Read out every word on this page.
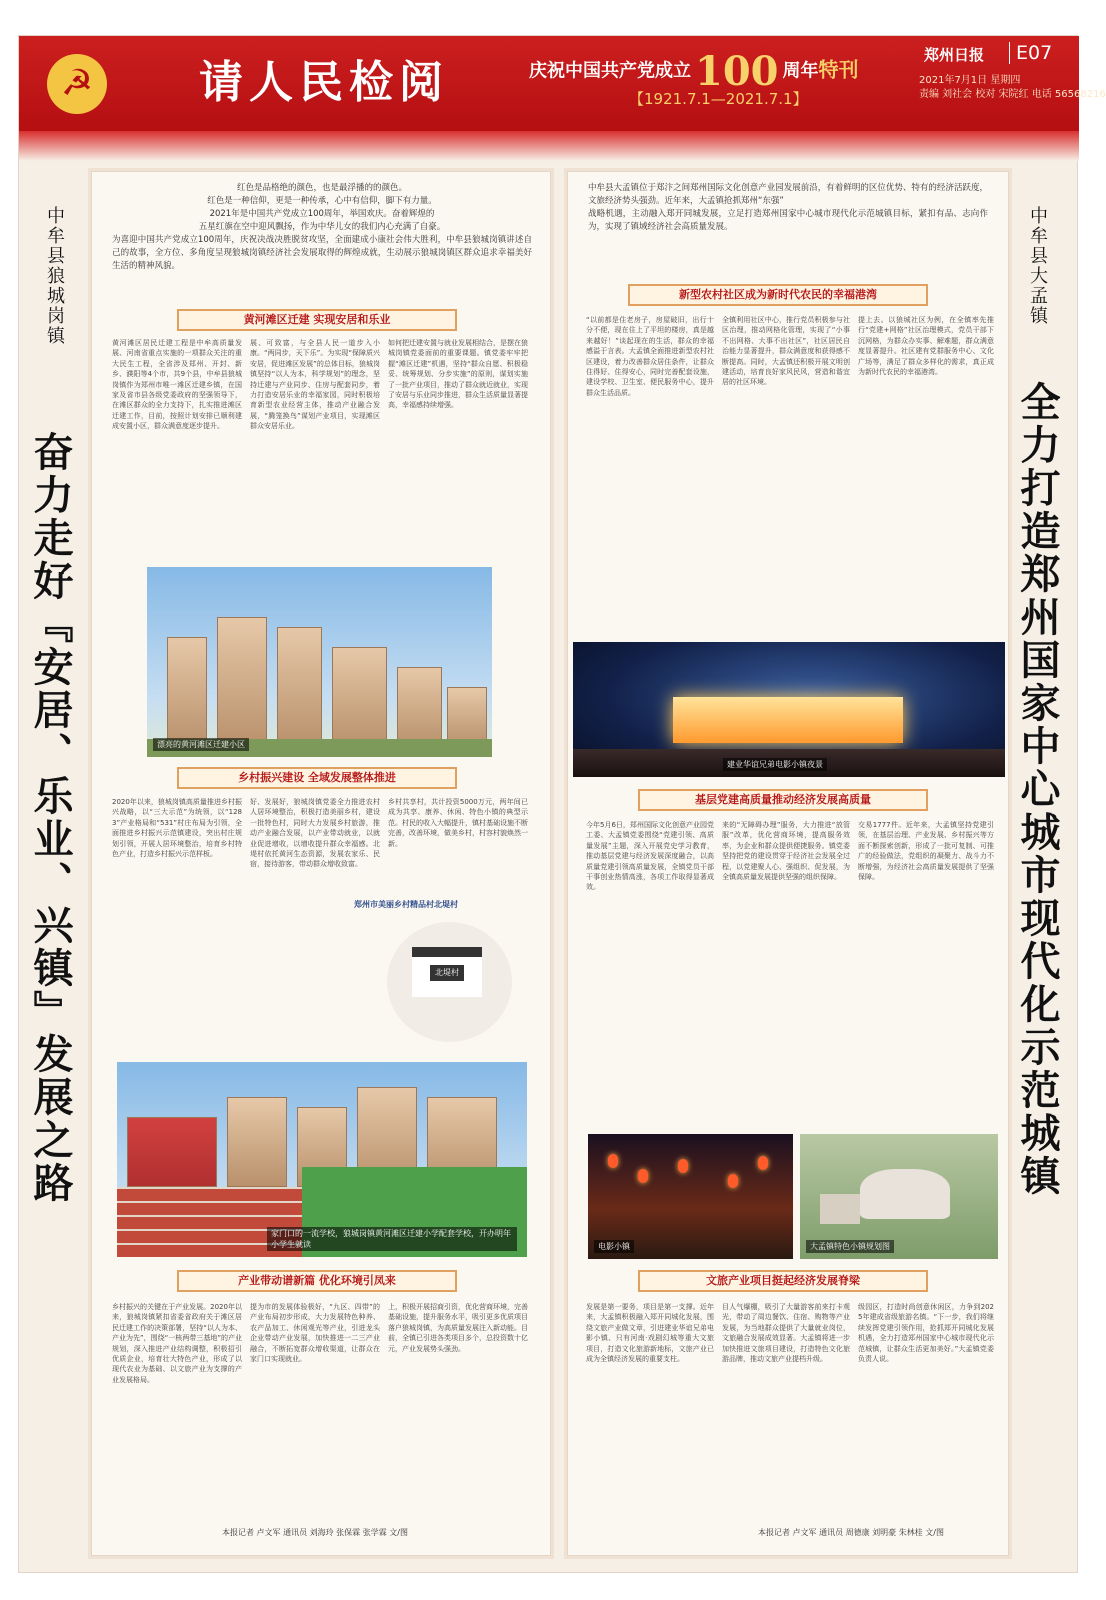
☭	请人民检阅	庆祝中国共产党成立 100 周年特刊
【1921.7.1—2021.7.1】
郑州日报	E07
2021年7月1日 星期四
责编 刘社会 校对 宋院红 电话 56568216
中牟县狼城岗镇
奋力走好『安居、乐业、兴镇』发展之路
中牟县大孟镇
全力打造郑州国家中心城市现代化示范城镇
红色是品格绝的颜色，也是最浮播的的颜色。
红色是一种信仰，更是一种传承，心中有信仰，脚下有力量。
2021年是中国共产党成立100周年，举国欢庆。奋着辉煌的
五星红旗在空中迎风飘扬，作为中华儿女的我们内心充满了自豪。
为喜迎中国共产党成立100周年，庆祝决战决胜脱贫攻坚，全面建成小康社会伟大胜利，中牟县狼城岗镇讲述自己的故事，全方位、多角度呈现狼城岗镇经济社会发展取得的辉煌成就，生动展示狼城岗镇区群众追求幸福美好生活的精神风貌。
黄河滩区迁建 实现安居和乐业
黄河滩区居民迁建工程是中牟高质量发展、河南省重点实施的一项群众关注的重大民生工程，全省涉及郑州、开封、新乡、濮阳等4个市，共9个县，中牟县狼城岗镇作为郑州市唯一滩区迁建乡镇，在国家及省市县各级党委政府的坚强领导下，在滩区群众的全力支持下，扎实推进滩区迁建工作，目前，按照计划安排已顺利建成安置小区，群众满意度逐步提升。
展、可致富，与全县人民一道步入小康。“两同步，天下乐”。为实现“保障质兴安居，促进滩区发展”的总体目标，狼城岗镇坚持“以人为本，科学规划”的理念，坚持迁建与产业同步、住房与配套同步，着力打造安居乐业的幸福家园，同时积极培育新型农业经营主体，推动产业融合发展，“腾笼换鸟”谋划产业项目，实现滩区群众安居乐业。
如何把迁建安置与就业发展相结合，是摆在狼城岗镇党委面前的重要课题。镇党委牢牢把握“滩区迁建”机遇，坚持“群众自愿、积极稳妥、统筹规划、分步实施”的原则，谋划实施了一批产业项目，推动了群众就近就业，实现了安居与乐业同步推进，群众生活质量显著提高，幸福感持续增强。
漂亮的黄河滩区迁建小区
乡村振兴建设 全域发展整体推进
2020年以来，狼城岗镇高质量推进乡村振兴战略，以“三大示范”为统领，以“1283”产业格局和“531”村庄布局为引领，全面推进乡村振兴示范镇建设，突出村庄规划引领，开展人居环境整治，培育乡村特色产业，打造乡村振兴示范样板。
好、发展好，狼城岗镇党委全力推进农村人居环境整治，积极打造美丽乡村，建设一批特色村，同时大力发展乡村旅游，推动产业融合发展，以产业带动就业，以就业促进增收，以增收提升群众幸福感。北堤村依托黄河生态资源，发展农家乐、民宿，接待游客，带动群众增收致富。
乡村共享村，共计投资5000万元，两年间已成为共享、康养、休闲、特色小镇的典型示范。村民的收入大幅提升，镇村基础设施不断完善，改善环境，做美乡村，村容村貌焕然一新。
郑州市美丽乡村精品村北堤村
北堤村
家门口的一流学校，狼城岗镇黄河滩区迁建小学配套学校，开办明年小学生就读
产业带动谱新篇 优化环境引凤来
乡村振兴的关键在于产业发展。2020年以来，狼城岗镇紧扣省委省政府关于滩区居民迁建工作的决策部署，坚持“以人为本、产业为先”，围绕“一核两带三基地”的产业规划，深入推进产业结构调整，积极招引优质企业，培育壮大特色产业，形成了以现代农业为基础、以文旅产业为支撑的产业发展格局。
提为市的发展体验极好，“九区、四带”的产业布局初步形成，大力发展特色种养、农产品加工、休闲观光等产业，引进龙头企业带动产业发展，加快推进一二三产业融合，不断拓宽群众增收渠道，让群众在家门口实现就业。
上，积极开展招商引资，优化营商环境，完善基础设施，提升服务水平，吸引更多优质项目落户狼城岗镇，为高质量发展注入新动能。目前，全镇已引进各类项目多个，总投资数十亿元，产业发展势头强劲。
本报记者 卢文军 通讯员 刘海玲 张保霖 张学霖 文/图
中牟县大孟镇位于郑汴之间郑州国际文化创意产业园发展前沿，有着鲜明的区位优势、特有的经济活跃度，文旅经济势头强劲。近年来，大孟镇抢抓郑州“东强”
战略机遇，主动融入郑开同城发展，立足打造郑州国家中心城市现代化示范城镇目标，紧扣有品、志向作为，实现了镇域经济社会高质量发展。
新型农村社区成为新时代农民的幸福港湾
“以前都是住老房子，房屋破旧，出行十分不便，现在住上了平坦的楼房，真是越来越好！”谈起现在的生活，群众的幸福感溢于言表。大孟镇全面推进新型农村社区建设，着力改善群众居住条件，让群众住得好、住得安心，同时完善配套设施，建设学校、卫生室、便民服务中心，提升群众生活品质。
全镇利用社区中心，推行党员积极参与社区治理，推动网格化管理，实现了“小事不出网格、大事不出社区”，社区居民自治能力显著提升，群众满意度和获得感不断提高。同时，大孟镇还积极开展文明创建活动，培育良好家风民风，营造和谐宜居的社区环境。
提上去。以狼城社区为例，在全镇率先推行“党建+网格”社区治理模式，党员干部下沉网格，为群众办实事、解难题，群众满意度显著提升。社区建有党群服务中心、文化广场等，满足了群众多样化的需求，真正成为新时代农民的幸福港湾。
建业华谊兄弟电影小镇夜景
基层党建高质量推动经济发展高质量
今年5月6日，郑州国际文化创意产业园党工委、大孟镇党委围绕“党建引领、高质量发展”主题，深入开展党史学习教育，推动基层党建与经济发展深度融合，以高质量党建引领高质量发展，全镇党员干部干事创业热情高涨，各项工作取得显著成效。
来的“无障碍办理”服务，大力推进“放管服”改革，优化营商环境，提高服务效率，为企业和群众提供便捷服务。镇党委坚持把党的建设贯穿于经济社会发展全过程，以党建聚人心、强组织、促发展，为全镇高质量发展提供坚强的组织保障。
交易1777件。近年来，大孟镇坚持党建引领，在基层治理、产业发展、乡村振兴等方面不断探索创新，形成了一批可复制、可推广的经验做法，党组织的凝聚力、战斗力不断增强，为经济社会高质量发展提供了坚强保障。
电影小镇	大孟镇特色小镇规划图
文旅产业项目挺起经济发展脊梁
发展是第一要务，项目是第一支撑。近年来，大孟镇积极融入郑开同城化发展，围绕文旅产业做文章，引进建业华谊兄弟电影小镇、只有河南·戏剧幻城等重大文旅项目，打造文化旅游新地标，文旅产业已成为全镇经济发展的重要支柱。
目人气爆棚，吸引了大量游客前来打卡观光，带动了周边餐饮、住宿、购物等产业发展，为当地群众提供了大量就业岗位，文旅融合发展成效显著。大孟镇将进一步加快推进文旅项目建设，打造特色文化旅游品牌，推动文旅产业提档升级。
级园区，打造时尚创意休闲区，力争到2025年建成省级旅游名镇。“下一步，我们将继续发挥党建引领作用，抢抓郑开同城化发展机遇，全力打造郑州国家中心城市现代化示范城镇，让群众生活更加美好。”大孟镇党委负责人说。
本报记者 卢文军 通讯员 周德康 刘明豪 朱林桂 文/图
